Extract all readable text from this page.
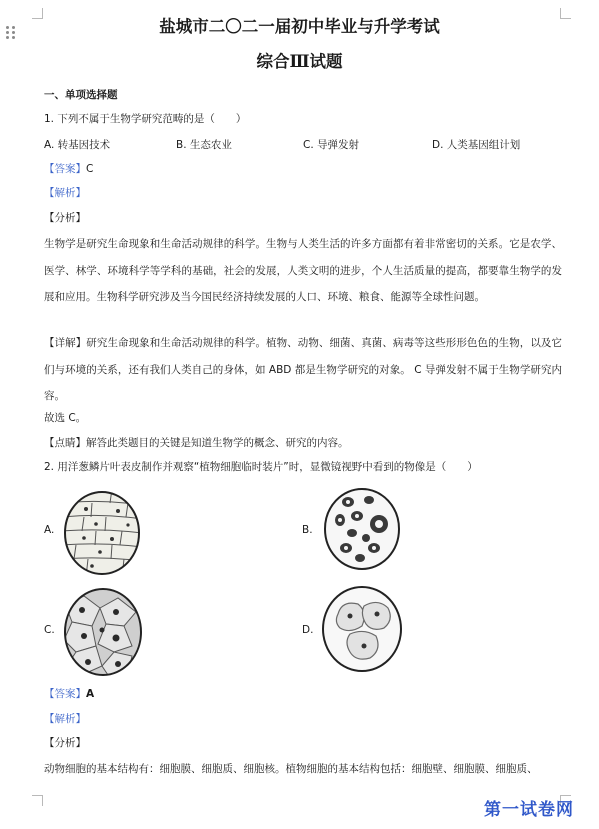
盐城市二〇二一届初中毕业与升学考试
综合Ⅲ试题
一、单项选择题
1. 下列不属于生物学研究范畴的是（　　）
A. 转基因技术	B. 生态农业	C. 导弹发射	D. 人类基因组计划
【答案】C
【解析】
【分析】
生物学是研究生命现象和生命活动规律的科学。生物与人类生活的许多方面都有着非常密切的关系。它是农学、医学、林学、环境科学等学科的基础，社会的发展，人类文明的进步，个人生活质量的提高，都要靠生物学的发展和应用。生物科学研究涉及当今国民经济持续发展的人口、环境、粮食、能源等全球性问题。
【详解】研究生命现象和生命活动规律的科学。植物、动物、细菌、真菌、病毒等这些形形色色的生物，以及它们与环境的关系，还有我们人类自己的身体，如 ABD 都是生物学研究的对象。 C 导弹发射不属于生物学研究内容。
故选 C。
【点睛】解答此类题目的关键是知道生物学的概念、研究的内容。
2. 用洋葱鳞片叶表皮制作并观察“植物细胞临时装片”时，显微镜视野中看到的物像是（　　）
A.	B.
C.	D.
【答案】A
【解析】
【分析】
动物细胞的基本结构有：细胞膜、细胞质、细胞核。植物细胞的基本结构包括：细胞壁、细胞膜、细胞质、
第一试卷网
